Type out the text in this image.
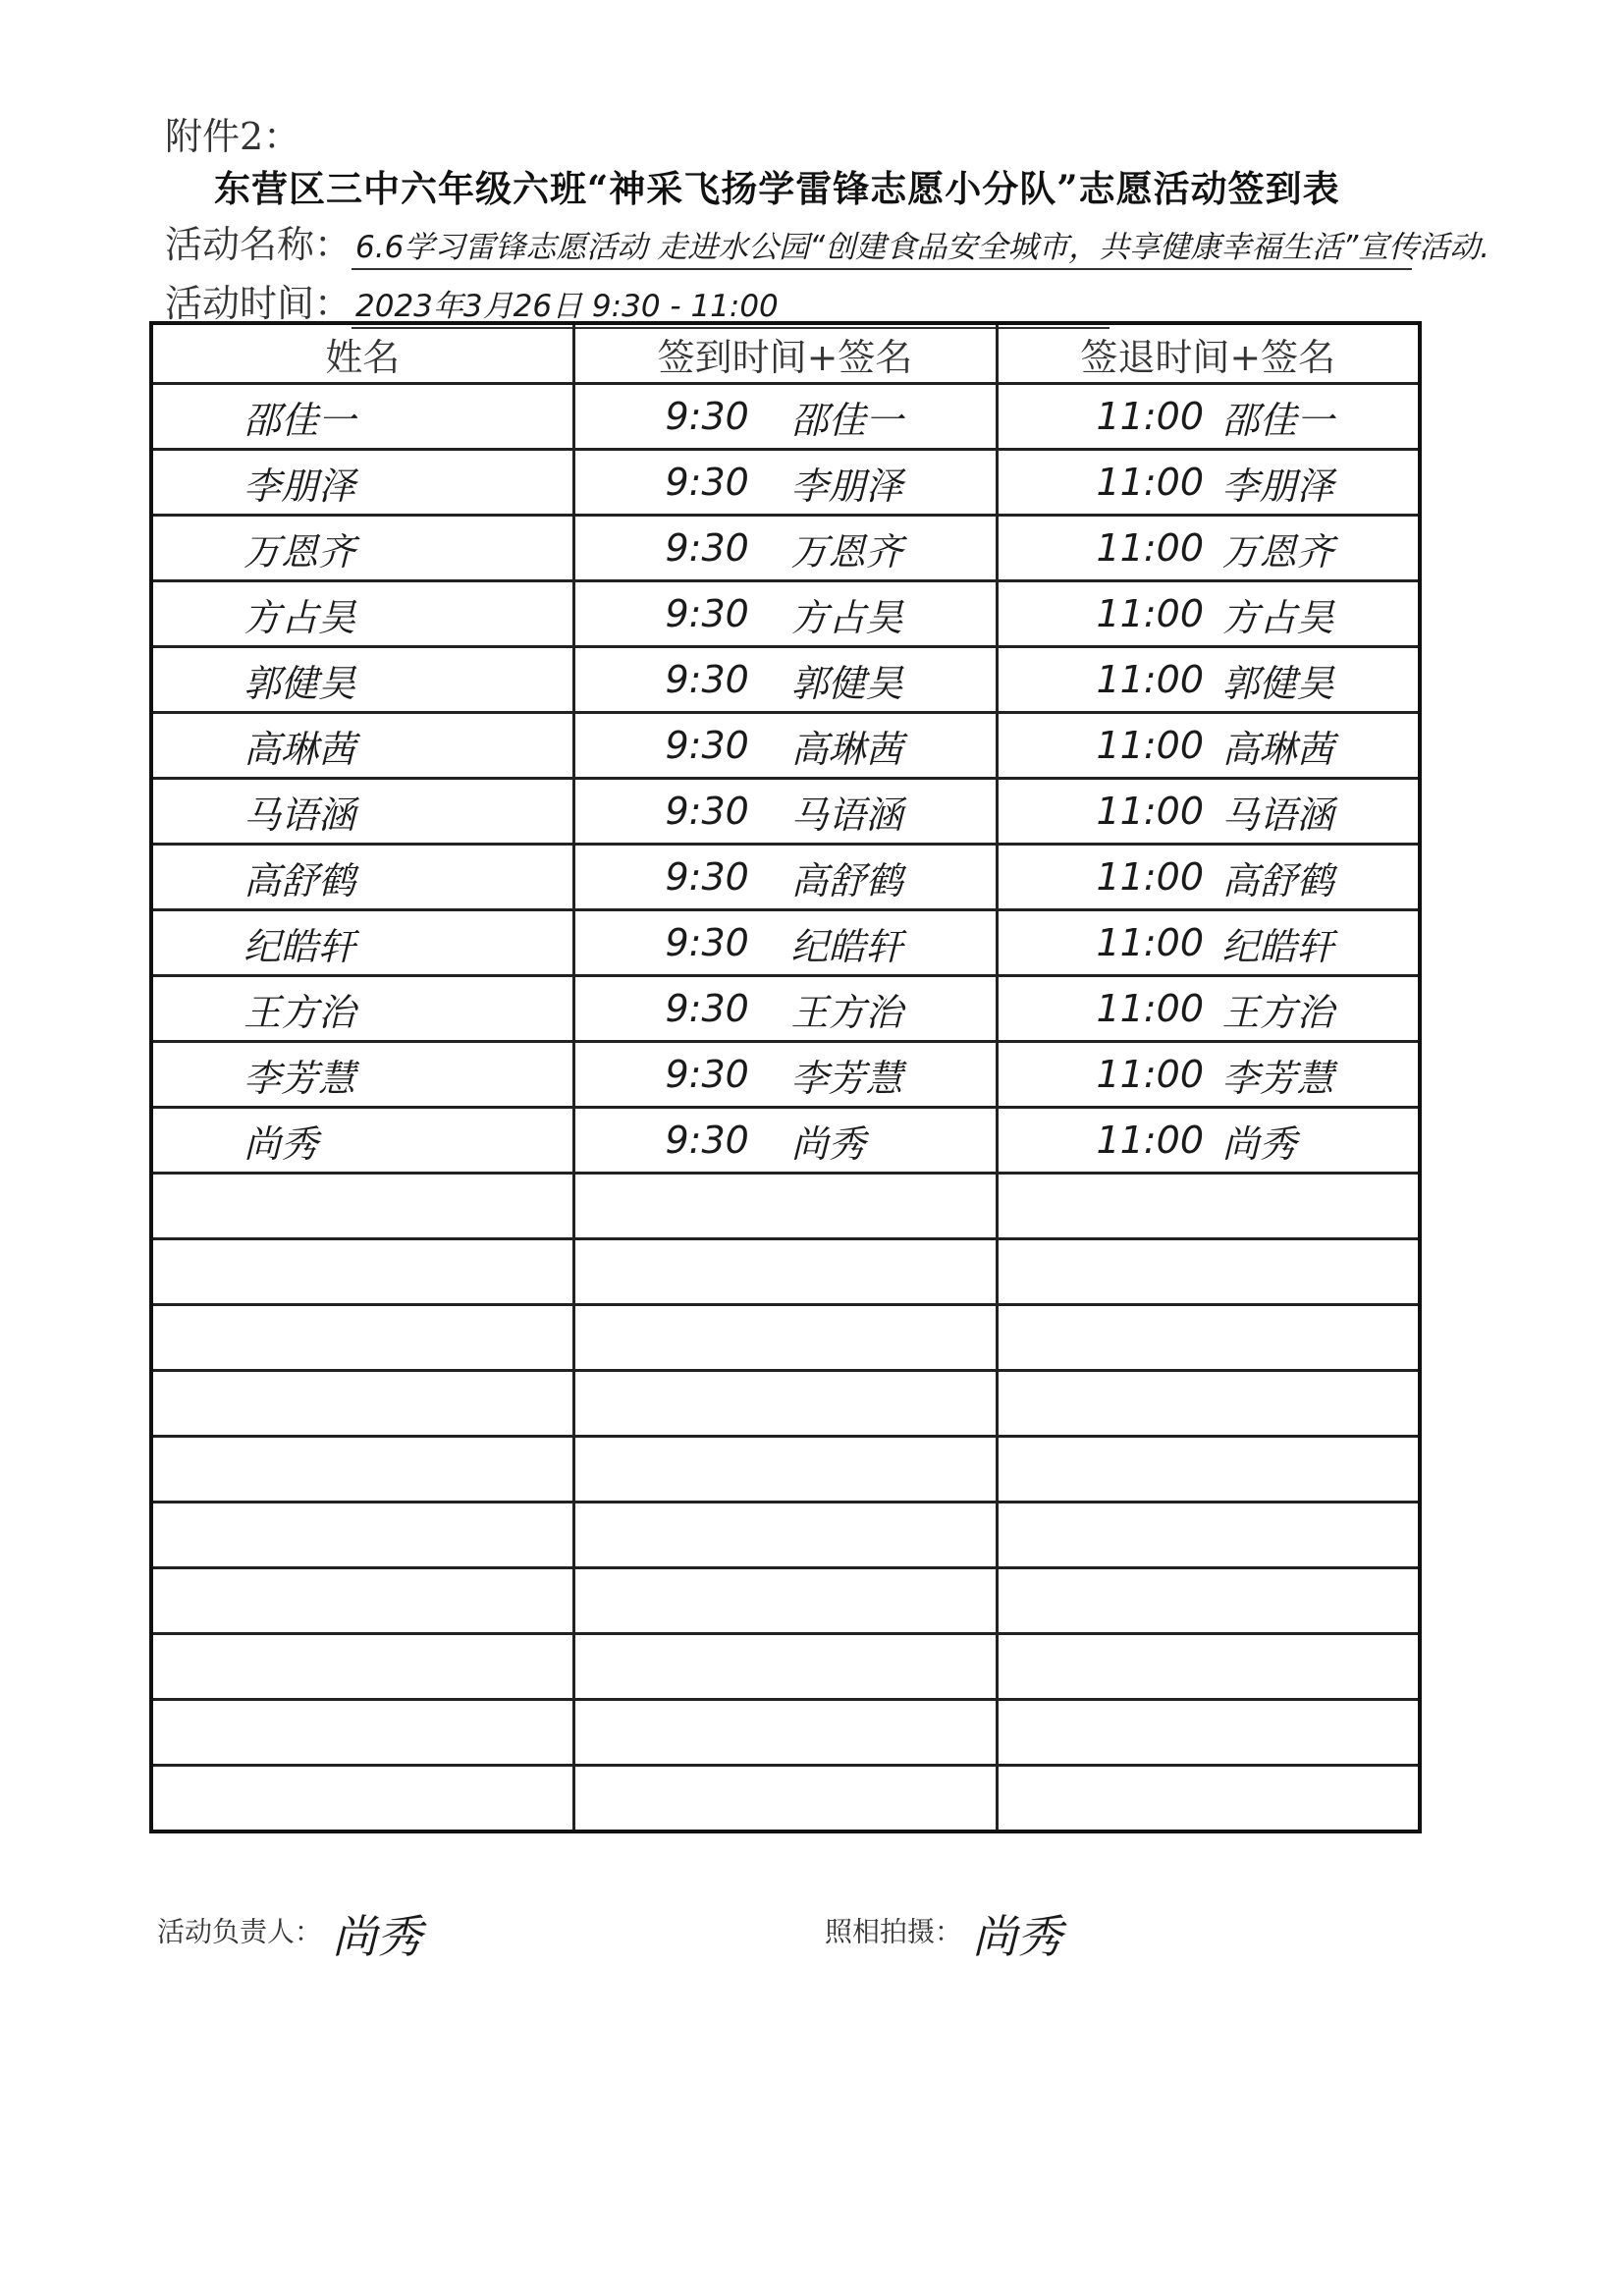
附件2：
东营区三中六年级六班“神采飞扬学雷锋志愿小分队”志愿活动签到表
活动名称： 6.6学习雷锋志愿活动 走进水公园“创建食品安全城市，共享健康幸福生活”宣传活动.
活动时间： 2023年3月26日 9:30 - 11:00
姓名	签到时间+签名	签退时间+签名

邵佳一	9:30 邵佳一	11:00 邵佳一

李朋泽	9:30 李朋泽	11:00 李朋泽

万恩齐	9:30 万恩齐	11:00 万恩齐

方占昊	9:30 方占昊	11:00 方占昊

郭健昊	9:30 郭健昊	11:00 郭健昊

高琳茜	9:30 高琳茜	11:00 高琳茜

马语涵	9:30 马语涵	11:00 马语涵

高舒鹤	9:30 高舒鹤	11:00 高舒鹤

纪皓轩	9:30 纪皓轩	11:00 纪皓轩

王方治	9:30 王方治	11:00 王方治

李芳慧	9:30 李芳慧	11:00 李芳慧

尚秀	9:30 尚秀	11:00 尚秀

活动负责人： 尚秀	照相拍摄： 尚秀
